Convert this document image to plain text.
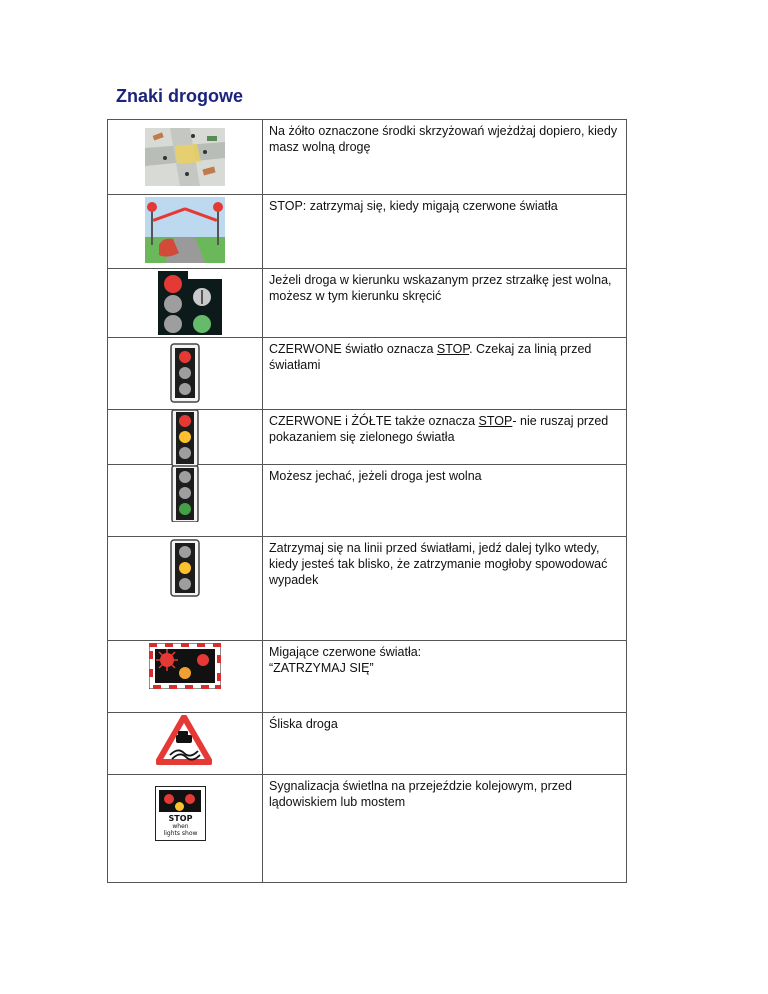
Znaki drogowe
	Na żółto oznaczone środki skrzyżowań wjeżdżaj dopiero, kiedy masz wolną drogę

	STOP: zatrzymaj się, kiedy migają czerwone światła

	Jeżeli droga w kierunku wskazanym przez strzałkę jest wolna, możesz w tym kierunku skręcić

	CZERWONE światło oznacza STOP. Czekaj za linią przed światłami

	CZERWONE i ŻÓŁTE także oznacza STOP- nie ruszaj przed pokazaniem się zielonego światła

	Możesz jechać, jeżeli droga jest wolna

	Zatrzymaj się na linii przed światłami, jedź dalej tylko wtedy, kiedy jesteś tak blisko, że zatrzymanie mogłoby spowodować wypadek

	Migające czerwone światła:
“ZATRZYMAJ SIĘ”

	Śliska droga

STOP
when
lights show	Sygnalizacja świetlna na przejeździe kolejowym, przed lądowiskiem lub mostem
